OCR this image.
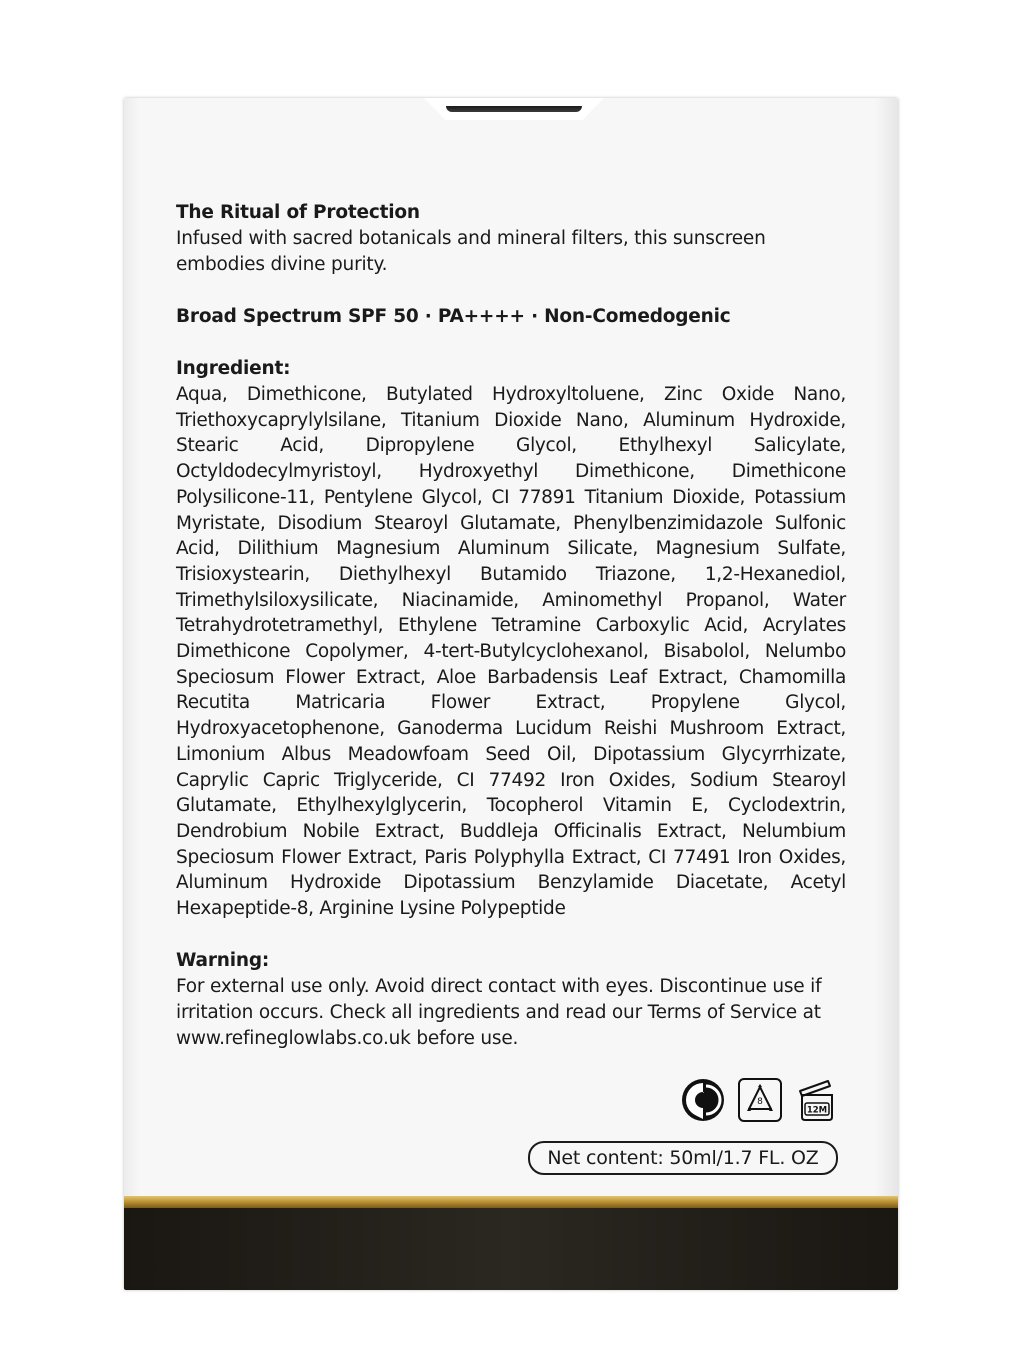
The Ritual of Protection
Infused with sacred botanicals and mineral filters, this sunscreen embodies divine purity.
Broad Spectrum SPF 50 · PA++++ · Non-Comedogenic
Ingredient:
Aqua, Dimethicone, Butylated Hydroxyltoluene, Zinc Oxide Nano, Triethoxycaprylylsilane, Titanium Dioxide Nano, Aluminum Hydroxide, Stearic Acid, Dipropylene Glycol, Ethylhexyl Salicylate, Octyldodecylmyristoyl, Hydroxyethyl Dimethicone, Dimethicone Polysilicone-11, Pentylene Glycol, CI 77891 Titanium Dioxide, Potassium Myristate, Disodium Stearoyl Glutamate, Phenylbenzimidazole Sulfonic Acid, Dilithium Magnesium Aluminum Silicate, Magnesium Sulfate, Trisioxystearin, Diethylhexyl Butamido Triazone, 1,2-Hexanediol, Trimethylsiloxysilicate, Niacinamide, Aminomethyl Propanol, Water Tetrahydrotetramethyl, Ethylene Tetramine Carboxylic Acid, Acrylates Dimethicone Copolymer, 4-tert-Butylcyclohexanol, Bisabolol, Nelumbo Speciosum Flower Extract, Aloe Barbadensis Leaf Extract, Chamomilla Recutita Matricaria Flower Extract, Propylene Glycol, Hydroxyacetophenone, Ganoderma Lucidum Reishi Mushroom Extract, Limonium Albus Meadowfoam Seed Oil, Dipotassium Glycyrrhizate, Caprylic Capric Triglyceride, CI 77492 Iron Oxides, Sodium Stearoyl Glutamate, Ethylhexylglycerin, Tocopherol Vitamin E, Cyclodextrin, Dendrobium Nobile Extract, Buddleja Officinalis Extract, Nelumbium Speciosum Flower Extract, Paris Polyphylla Extract, CI 77491 Iron Oxides, Aluminum Hydroxide Dipotassium Benzylamide Diacetate, Acetyl Hexapeptide-8, Arginine Lysine Polypeptide
Warning:
For external use only. Avoid direct contact with eyes. Discontinue use if irritation occurs. Check all ingredients and read our Terms of Service at www.refineglowlabs.co.uk before use.
8
12M
Net content: 50ml/1.7 FL. OZ
